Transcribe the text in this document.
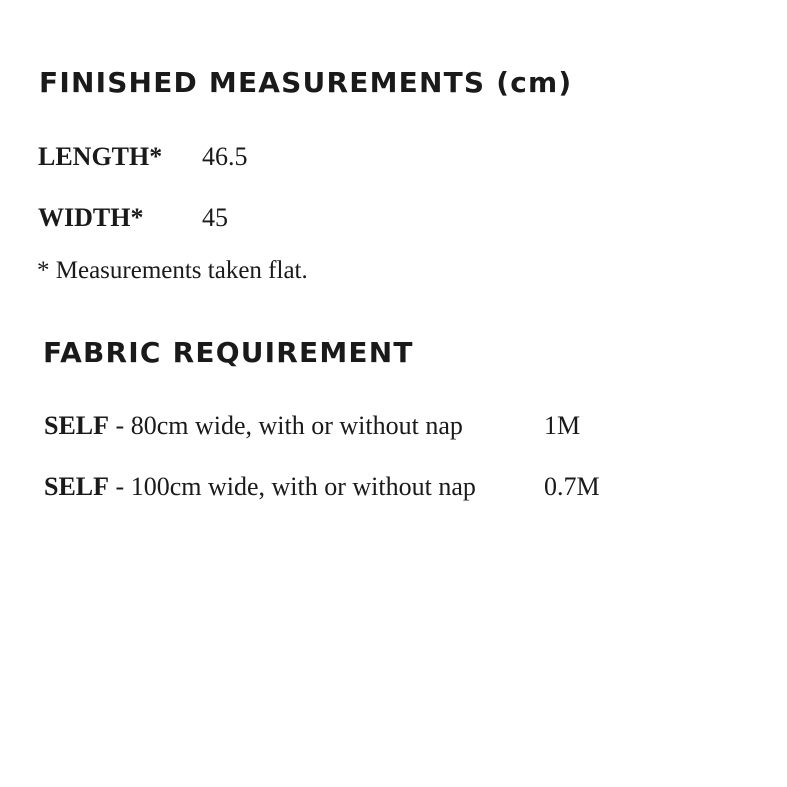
FINISHED MEASUREMENTS (cm)
LENGTH* 46.5
WIDTH* 45
* Measurements taken flat.
FABRIC REQUIREMENT
SELF - 80cm wide, with or without nap	1M
SELF - 100cm wide, with or without nap	0.7M
